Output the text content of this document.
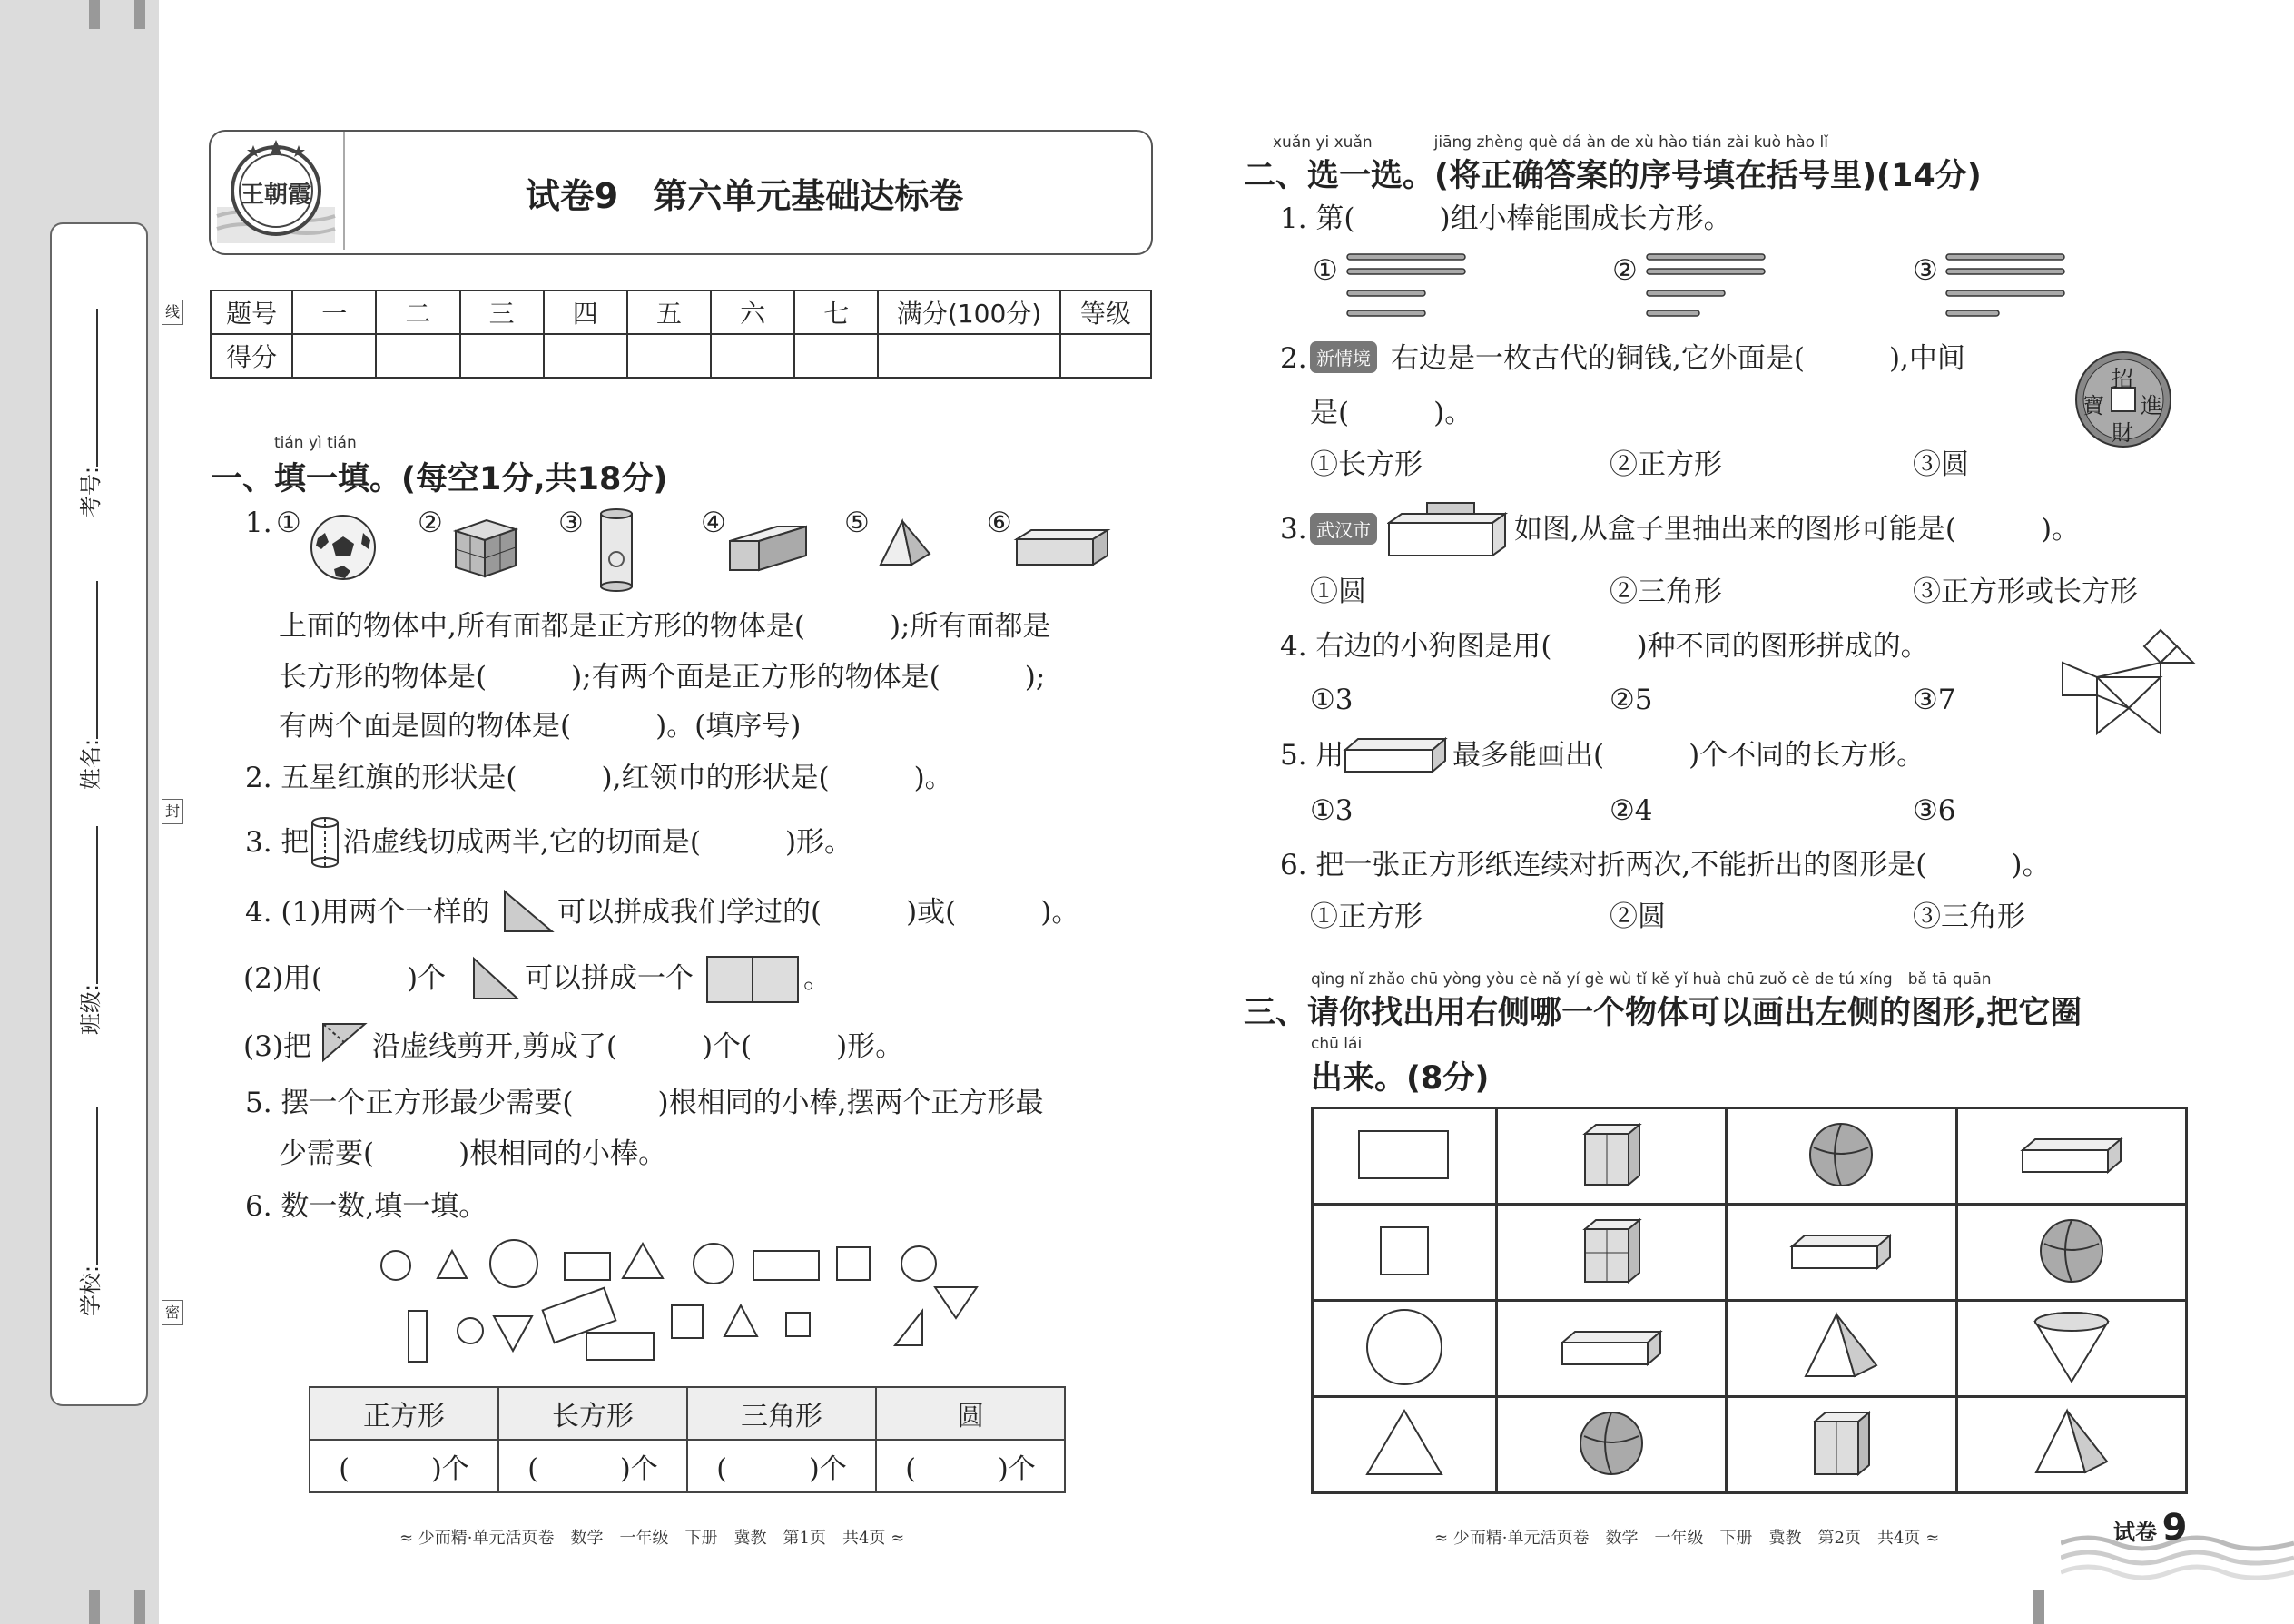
考号:
姓名:
班级:
学校:
线
封
密
王朝霞	试卷9　第六单元基础达标卷
题号	一	二	三	四	五	六	七	满分(100分)	等级
得分									
tián yì tián
一、填一填。(每空1分,共18分)
1. ①	②	③	④	⑤	⑥
上面的物体中,所有面都是正方形的物体是(　　　);所有面都是
长方形的物体是(　　　);有两个面是正方形的物体是(　　　);
有两个面是圆的物体是(　　　)。(填序号)
2. 五星红旗的形状是(　　　),红领巾的形状是(　　　)。
3. 把 沿虚线切成两半,它的切面是(　　　)形。
4. (1)用两个一样的 可以拼成我们学过的(　　　)或(　　　)。
(2)用(　　　)个	可以拼成一个	。
(3)把 沿虚线剪开,剪成了(　　　)个(　　　)形。
5. 摆一个正方形最少需要(　　　)根相同的小棒,摆两个正方形最
少需要(　　　)根相同的小棒。
6. 数一数,填一填。
正方形	长方形	三角形	圆
(　　　)个	(　　　)个	(　　　)个	(　　　)个
≈ 少而精·单元活页卷　数学　一年级　下册　冀教　第1页　共4页 ≈
xuǎn yi xuǎn　　　　jiāng zhèng què dá àn de xù hào tián zài kuò hào lǐ
二、选一选。(将正确答案的序号填在括号里)(14分)
1. 第(　　　)组小棒能围成长方形。
①	②	③
2. 新情境 右边是一枚古代的铜钱,它外面是(　　　),中间
是(　　　)。
招
進
財
寶
①长方形	②正方形	③圆
3. 武汉市	如图,从盒子里抽出来的图形可能是(　　　)。
①圆	②三角形	③正方形或长方形
4. 右边的小狗图是用(　　　)种不同的图形拼成的。
①3	②5	③7
5. 用	最多能画出(　　　)个不同的长方形。
①3	②4	③6
6. 把一张正方形纸连续对折两次,不能折出的图形是(　　　)。
①正方形	②圆	③三角形
qǐng nǐ zhǎo chū yòng yòu cè nǎ yí gè wù tǐ kě yǐ huà chū zuǒ cè de tú xíng　bǎ tā quān
三、请你找出用右侧哪一个物体可以画出左侧的图形,把它圈
chū lái
出来。(8分)

≈ 少而精·单元活页卷　数学　一年级　下册　冀教　第2页　共4页 ≈	试卷 9
